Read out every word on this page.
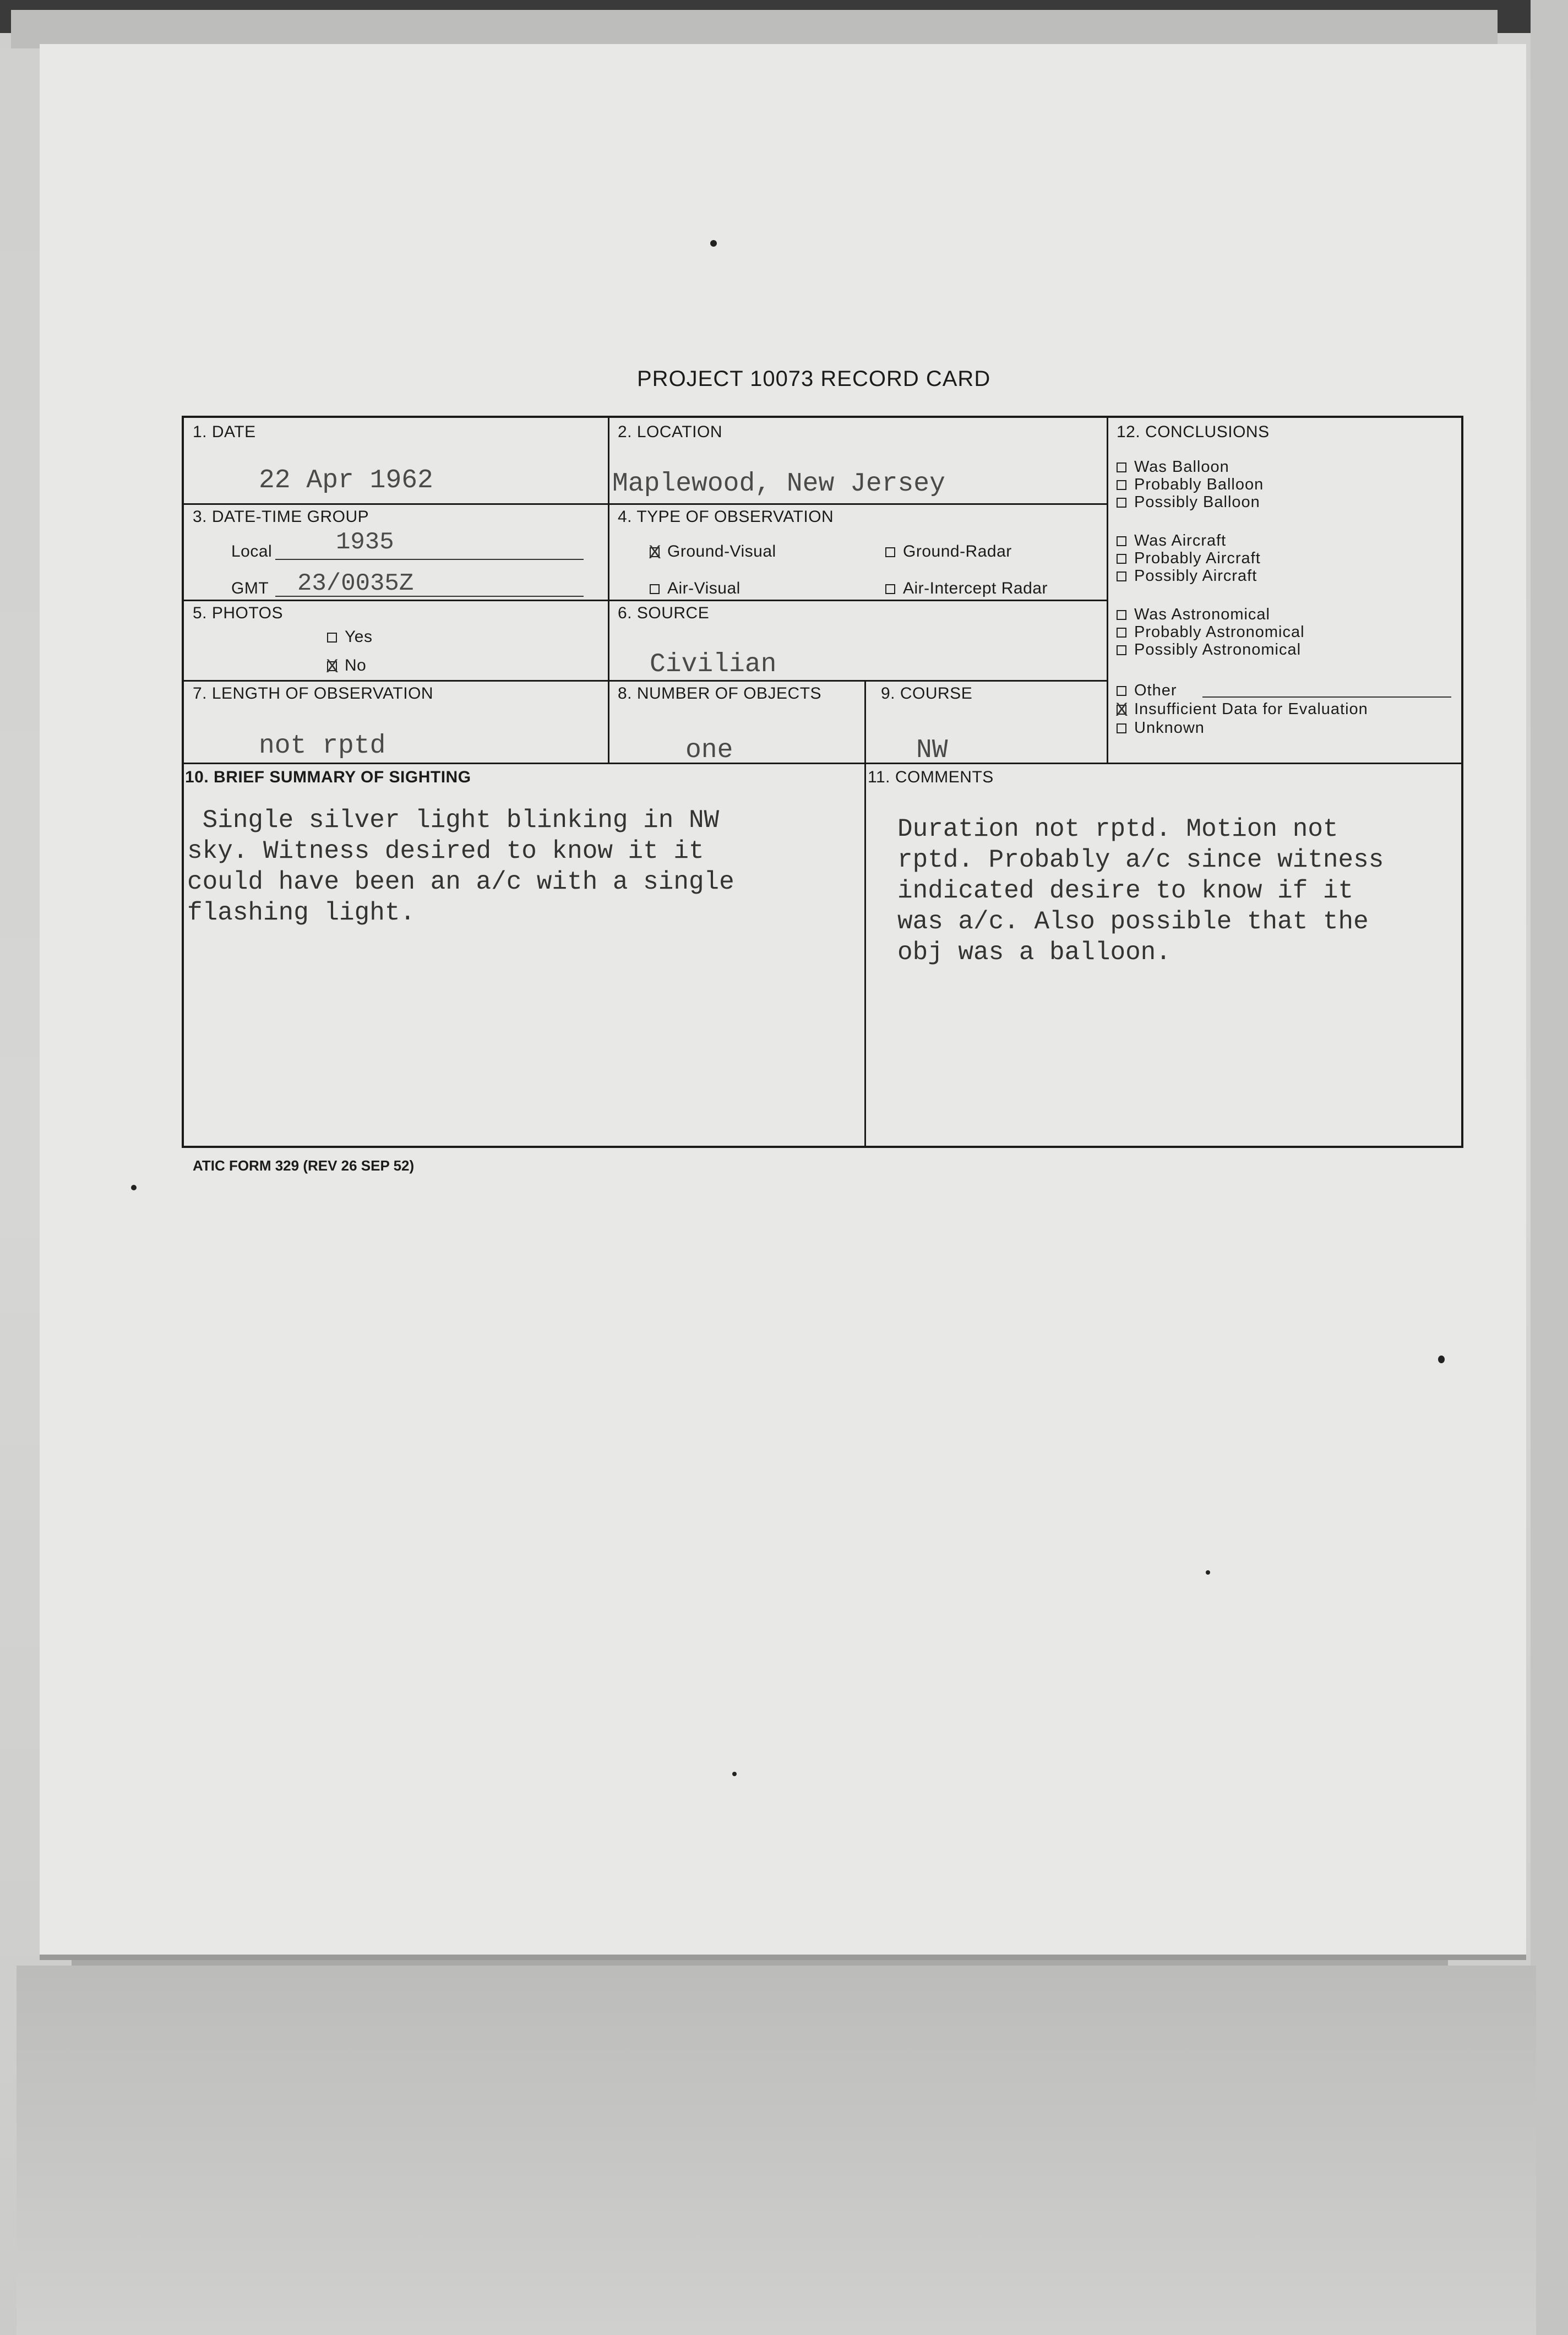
PROJECT 10073 RECORD CARD
1. DATE
22 Apr 1962
2. LOCATION
Maplewood, New Jersey
3. DATE-TIME GROUP
Local	1935
GMT 23/0035Z
4. TYPE OF OBSERVATION
XGround-Visual	Ground-Radar
Air-Visual	Air-Intercept Radar
5. PHOTOS
Yes
XNo
6. SOURCE
Civilian
7. LENGTH OF OBSERVATION
not rptd
8. NUMBER OF OBJECTS
one
9. COURSE
NW
10. BRIEF SUMMARY OF SIGHTING
Single silver light blinking in NW
sky. Witness desired to know it it
could have been an a/c with a single
flashing light.
11. COMMENTS
Duration not rptd. Motion not
rptd. Probably a/c since witness
indicated desire to know if it
was a/c. Also possible that the
obj was a balloon.
12. CONCLUSIONS
Was Balloon
Probably Balloon
Possibly Balloon
Was Aircraft
Probably Aircraft
Possibly Aircraft
Was Astronomical
Probably Astronomical
Possibly Astronomical
Other
XInsufficient Data for Evaluation
Unknown
ATIC FORM 329 (REV 26 SEP 52)
